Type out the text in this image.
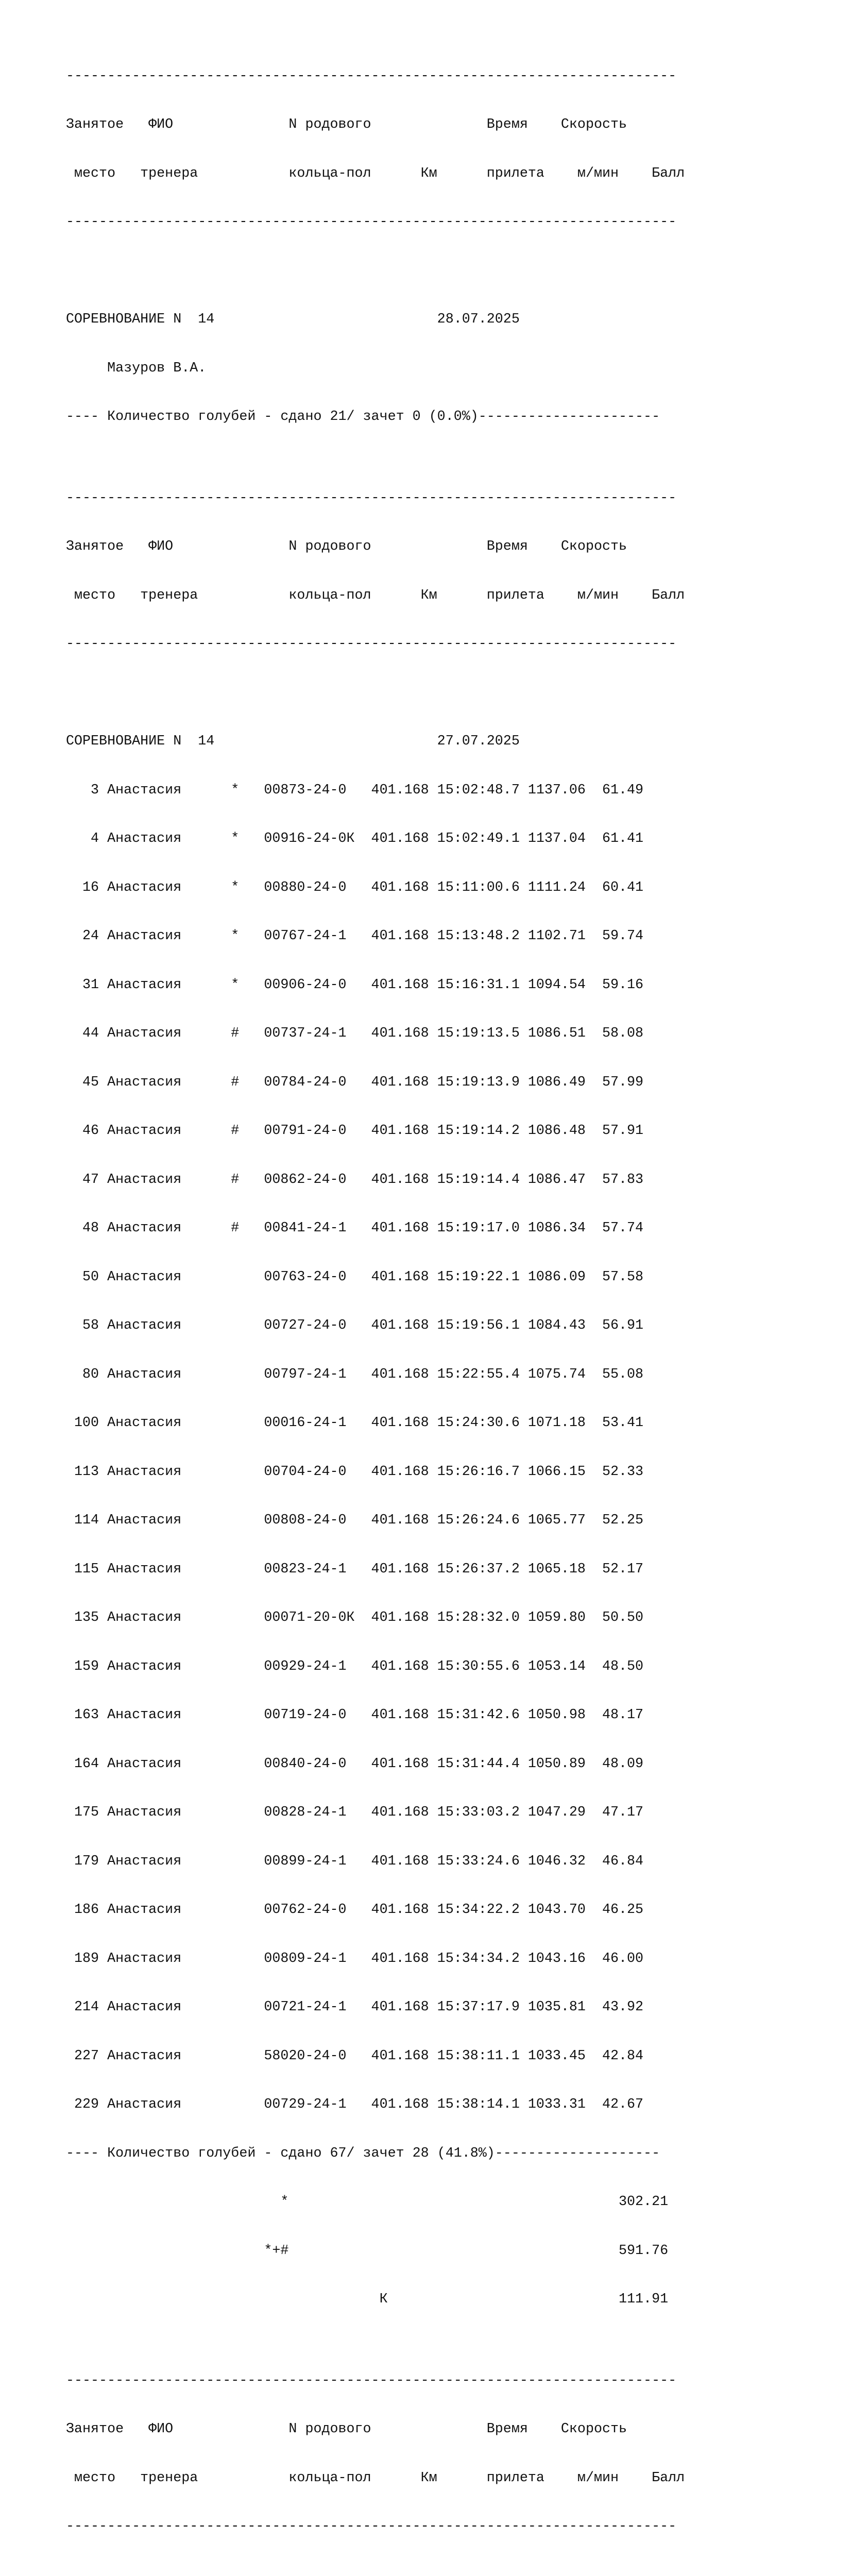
--------------------------------------------------------------------------

Занятое   ФИО              N родового              Время    Скорость

место   тренера           кольца-пол      Км      прилета    м/мин    Балл

--------------------------------------------------------------------------

СОРЕВНОВАНИЕ N  14                           28.07.2025

Мазуров В.А.

---- Количество голубей - сдано 21/ зачет 0 (0.0%)----------------------

--------------------------------------------------------------------------

Занятое   ФИО              N родового              Время    Скорость

место   тренера           кольца-пол      Км      прилета    м/мин    Балл

--------------------------------------------------------------------------

СОРЕВНОВАНИЕ N  14                           27.07.2025

3 Анастасия      *   00873-24-0   401.168 15:02:48.7 1137.06  61.49

4 Анастасия      *   00916-24-0К  401.168 15:02:49.1 1137.04  61.41

16 Анастасия      *   00880-24-0   401.168 15:11:00.6 1111.24  60.41

24 Анастасия      *   00767-24-1   401.168 15:13:48.2 1102.71  59.74

31 Анастасия      *   00906-24-0   401.168 15:16:31.1 1094.54  59.16

44 Анастасия      #   00737-24-1   401.168 15:19:13.5 1086.51  58.08

45 Анастасия      #   00784-24-0   401.168 15:19:13.9 1086.49  57.99

46 Анастасия      #   00791-24-0   401.168 15:19:14.2 1086.48  57.91

47 Анастасия      #   00862-24-0   401.168 15:19:14.4 1086.47  57.83

48 Анастасия      #   00841-24-1   401.168 15:19:17.0 1086.34  57.74

50 Анастасия          00763-24-0   401.168 15:19:22.1 1086.09  57.58

58 Анастасия          00727-24-0   401.168 15:19:56.1 1084.43  56.91

80 Анастасия          00797-24-1   401.168 15:22:55.4 1075.74  55.08

100 Анастасия          00016-24-1   401.168 15:24:30.6 1071.18  53.41

113 Анастасия          00704-24-0   401.168 15:26:16.7 1066.15  52.33

114 Анастасия          00808-24-0   401.168 15:26:24.6 1065.77  52.25

115 Анастасия          00823-24-1   401.168 15:26:37.2 1065.18  52.17

135 Анастасия          00071-20-0К  401.168 15:28:32.0 1059.80  50.50

159 Анастасия          00929-24-1   401.168 15:30:55.6 1053.14  48.50

163 Анастасия          00719-24-0   401.168 15:31:42.6 1050.98  48.17

164 Анастасия          00840-24-0   401.168 15:31:44.4 1050.89  48.09

175 Анастасия          00828-24-1   401.168 15:33:03.2 1047.29  47.17

179 Анастасия          00899-24-1   401.168 15:33:24.6 1046.32  46.84

186 Анастасия          00762-24-0   401.168 15:34:22.2 1043.70  46.25

189 Анастасия          00809-24-1   401.168 15:34:34.2 1043.16  46.00

214 Анастасия          00721-24-1   401.168 15:37:17.9 1035.81  43.92

227 Анастасия          58020-24-0   401.168 15:38:11.1 1033.45  42.84

229 Анастасия          00729-24-1   401.168 15:38:14.1 1033.31  42.67

---- Количество голубей - сдано 67/ зачет 28 (41.8%)--------------------

*                                        302.21

*+#                                        591.76

К                            111.91

--------------------------------------------------------------------------

Занятое   ФИО              N родового              Время    Скорость

место   тренера           кольца-пол      Км      прилета    м/мин    Балл

--------------------------------------------------------------------------
